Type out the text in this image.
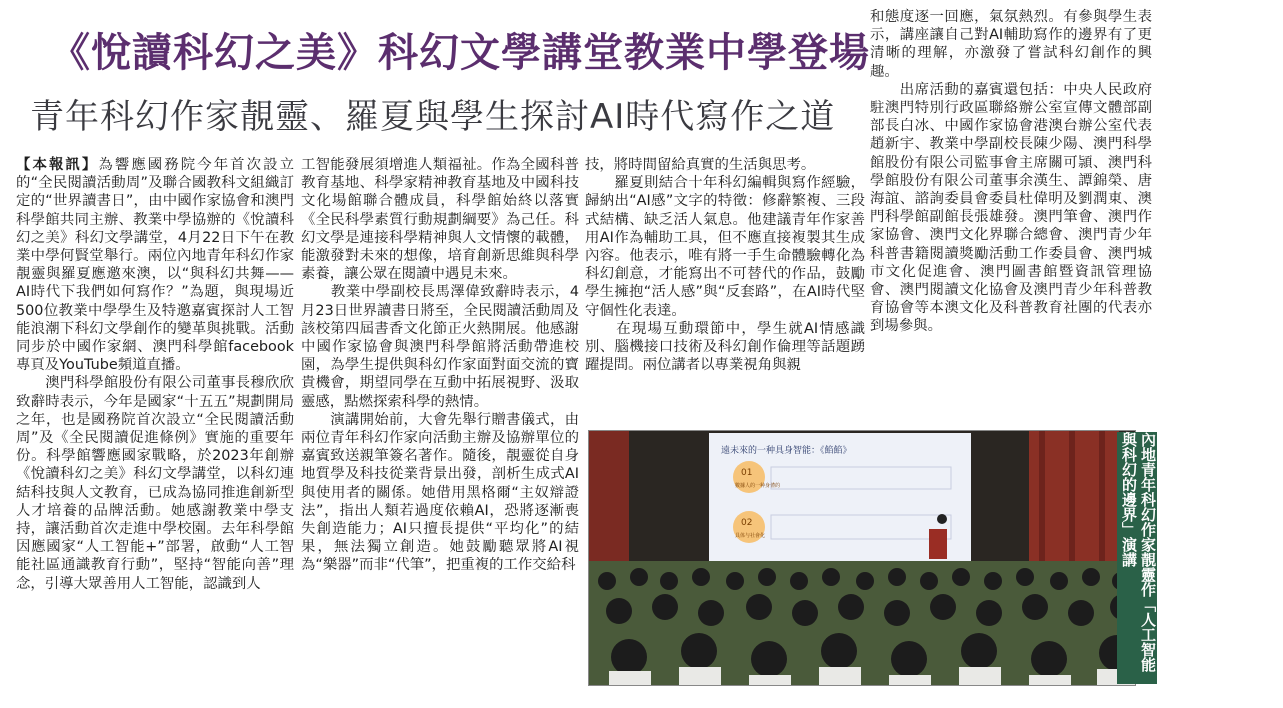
《悅讀科幻之美》科幻文學講堂教業中學登場
青年科幻作家靚靈、羅夏與學生探討AI時代寫作之道

【本報訊】為響應國務院今年首次設立的“全民閱讀活動周”及聯合國教科文組織訂定的“世界讀書日”，由中國作家協會和澳門科學館共同主辦、教業中學協辦的《悅讀科幻之美》科幻文學講堂，4月22日下午在教業中學何賢堂舉行。兩位內地青年科幻作家靚靈與羅夏應邀來澳，以“與科幻共舞——AI時代下我們如何寫作？”為題，與現場近500位教業中學學生及特邀嘉賓探討人工智能浪潮下科幻文學創作的變革與挑戰。活動同步於中國作家網、澳門科學館facebook專頁及YouTube頻道直播。
　　澳門科學館股份有限公司董事長穆欣欣致辭時表示，今年是國家“十五五”規劃開局之年，也是國務院首次設立“全民閱讀活動周”及《全民閱讀促進條例》實施的重要年份。科學館響應國家戰略，於2023年創辦《悅讀科幻之美》科幻文學講堂，以科幻連結科技與人文教育，已成為協同推進創新型人才培養的品牌活動。她感謝教業中學支持，讓活動首次走進中學校園。去年科學館因應國家“人工智能+”部署，啟動“人工智能社區通識教育行動”，堅持“智能向善”理念，引導大眾善用人工智能，認識到人

工智能發展須增進人類福祉。作為全國科普教育基地、科學家精神教育基地及中國科技文化場館聯合體成員，科學館始終以落實《全民科學素質行動規劃綱要》為己任。科幻文學是連接科學精神與人文情懷的載體，能激發對未來的想像，培育創新思維與科學素養，讓公眾在閱讀中遇見未來。
　　教業中學副校長馬澤偉致辭時表示，4月23日世界讀書日將至，全民閱讀活動周及該校第四屆書香文化節正火熱開展。他感謝中國作家協會與澳門科學館將活動帶進校園，為學生提供與科幻作家面對面交流的寶貴機會，期望同學在互動中拓展視野、汲取靈感，點燃探索科學的熱情。
　　演講開始前，大會先舉行贈書儀式，由兩位青年科幻作家向活動主辦及協辦單位的嘉賓致送親筆簽名著作。隨後，靚靈從自身地質學及科技從業背景出發，剖析生成式AI與使用者的關係。她借用黑格爾“主奴辯證法”，指出人類若過度依賴AI，恐將逐漸喪失創造能力；AI只擅長提供“平均化”的結果，無法獨立創造。她鼓勵聽眾將AI視為“樂器”而非“代筆”，把重複的工作交給科

技，將時間留給真實的生活與思考。
　　羅夏則結合十年科幻編輯與寫作經驗，歸納出“AI感”文字的特徵：修辭繁複、三段式結構、缺乏活人氣息。他建議青年作家善用AI作為輔助工具，但不應直接複製其生成內容。他表示，唯有將一手生命體驗轉化為科幻創意，才能寫出不可替代的作品，鼓勵學生擁抱“活人感”與“反套路”，在AI時代堅守個性化表達。
　　在現場互動環節中，學生就AI情感識別、腦機接口技術及科幻創作倫理等話題踴躍提問。兩位講者以專業視角與親

和態度逐一回應，氣氛熱烈。有參與學生表示，講座讓自己對AI輔助寫作的邊界有了更清晰的理解，亦激發了嘗試科幻創作的興趣。
　　出席活動的嘉賓還包括：中央人民政府駐澳門特別行政區聯絡辦公室宣傳文體部副部長白冰、中國作家協會港澳台辦公室代表趙新宇、教業中學副校長陳少陽、澳門科學館股份有限公司監事會主席關可頴、澳門科學館股份有限公司董事余漢生、譚錦榮、唐海誼、諮詢委員會委員杜偉明及劉潤東、澳門科學館副館長張雄發。澳門筆會、澳門作家協會、澳門文化界聯合總會、澳門青少年科普書籍閱讀獎勵活動工作委員會、澳門城市文化促進會、澳門圖書館暨資訊管理協會、澳門閱讀文化協會及澳門青少年科普教育協會等本澳文化及科普教育社團的代表亦到場參與。

遠未來的一种具身智能：《餡餡》
01
數據人的一种身體的
02
具体与社會化	內地青年科幻作家靚靈作「人工智能與科幻的邊界」演講
